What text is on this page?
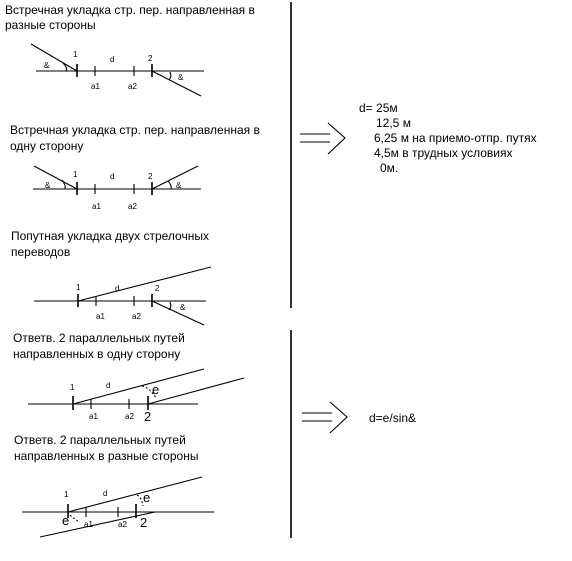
Встречная укладка стр. пер. направленная в
разные стороны
Встречная укладка стр. пер. направленная в
одну сторону
Попутная укладка двух стрелочных
переводов
Ответв. 2 параллельных путей
направленных в одну сторону
Ответв. 2 параллельных путей
направленных в разные стороны
1	2
d
a1	a2
&
&
1	2
d
a1	a2
&	&
1	2
d
a1	a2
&
1
2
d
a1	a2
e
1
2
d
a1	a2
e
e
d= 25м
12,5 м
6,25 м на приемо-отпр. путях
4,5м в трудных условиях
0м.
d=e/sin&
